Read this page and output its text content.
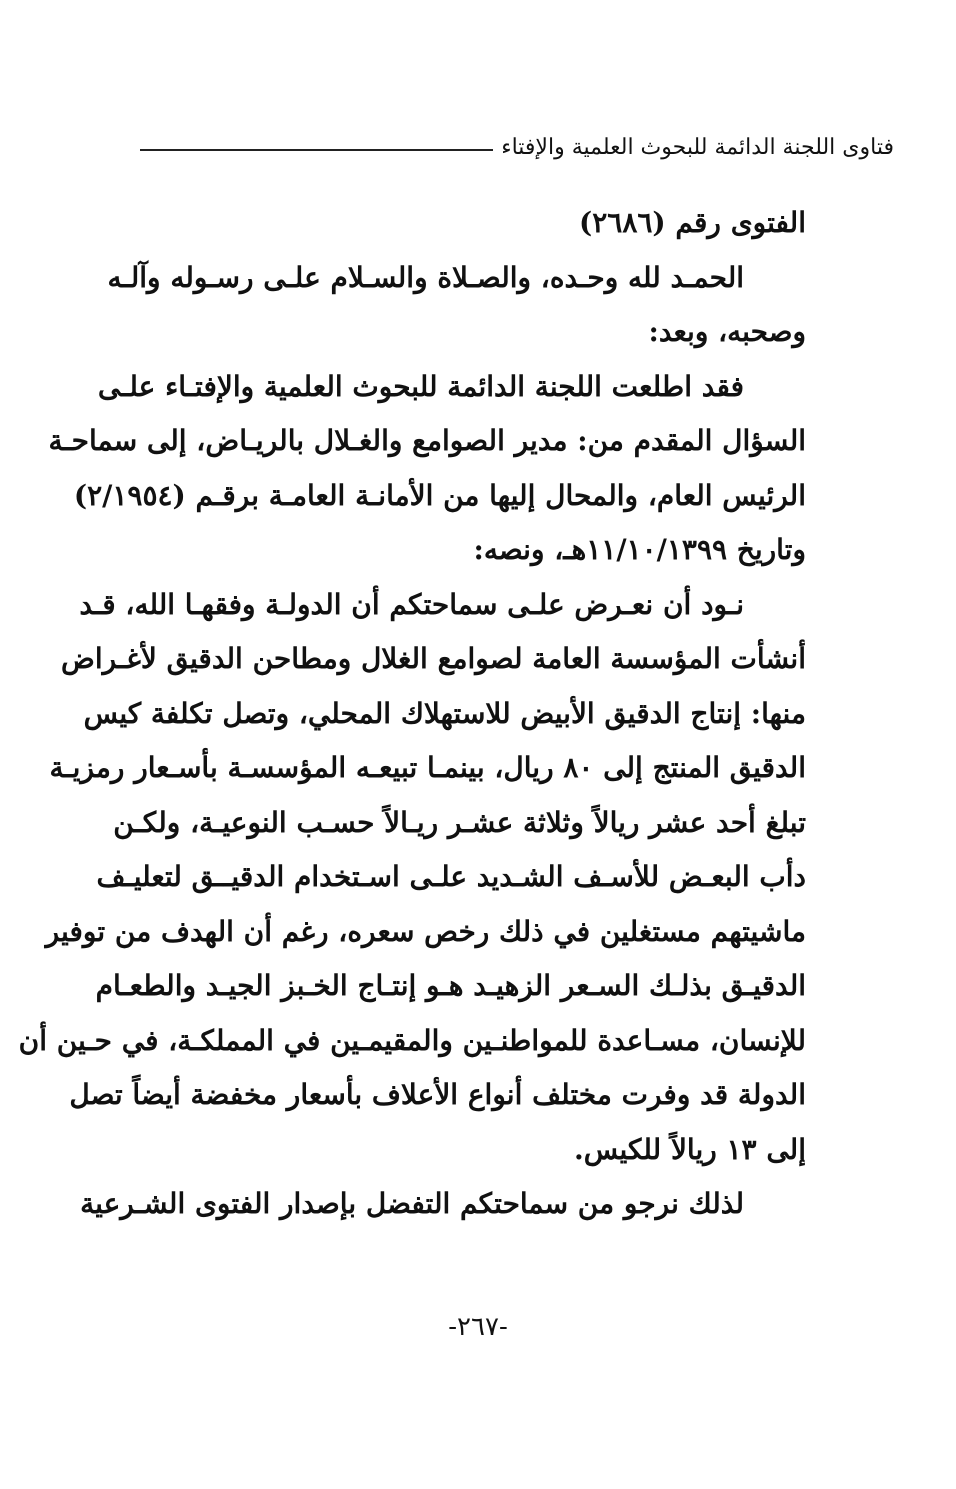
فتاوى اللجنة الدائمة للبحوث العلمية والإفتاء
الفتوى رقم (٢٦٨٦)
الحمـد لله وحـده، والصـلاة والسـلام علـى رسـوله وآلـه
وصحبه، وبعد:
فقد اطلعت اللجنة الدائمة للبحوث العلمية والإفتـاء علـى
السؤال المقدم من: مدير الصوامع والغـلال بالريـاض، إلى سماحـة
الرئيس العام، والمحال إليها من الأمانـة العامـة برقـم (٢/١٩٥٤)
وتاريخ ١١/١٠/١٣٩٩هـ، ونصه:
نـود أن نعـرض علـى سماحتكم أن الدولـة وفقهـا الله، قـد
أنشأت المؤسسة العامة لصوامع الغلال ومطاحن الدقيق لأغـراض
منها: إنتاج الدقيق الأبيض للاستهلاك المحلي، وتصل تكلفة كيس
الدقيق المنتج إلى ٨٠ ريال، بينمـا تبيعـه المؤسسـة بأسـعار رمزيـة
تبلغ أحد عشر ريالاً وثلاثة عشـر ريـالاً حسـب النوعيـة، ولكـن
دأب البعـض للأسـف الشـديد علـى اسـتخدام الدقيــق لتعليـف
ماشيتهم مستغلين في ذلك رخص سعره، رغم أن الهدف من توفير
الدقيـق بذلـك السـعر الزهيـد هـو إنتـاج الخـبز الجيـد والطعـام
للإنسان، مسـاعدة للمواطنـين والمقيمـين في المملكـة، في حـين أن
الدولة قد وفرت مختلف أنواع الأعلاف بأسعار مخفضة أيضاً تصل
إلى ١٣ ريالاً للكيس.
لذلك نرجو من سماحتكم التفضل بإصدار الفتوى الشـرعية
-٢٦٧-
